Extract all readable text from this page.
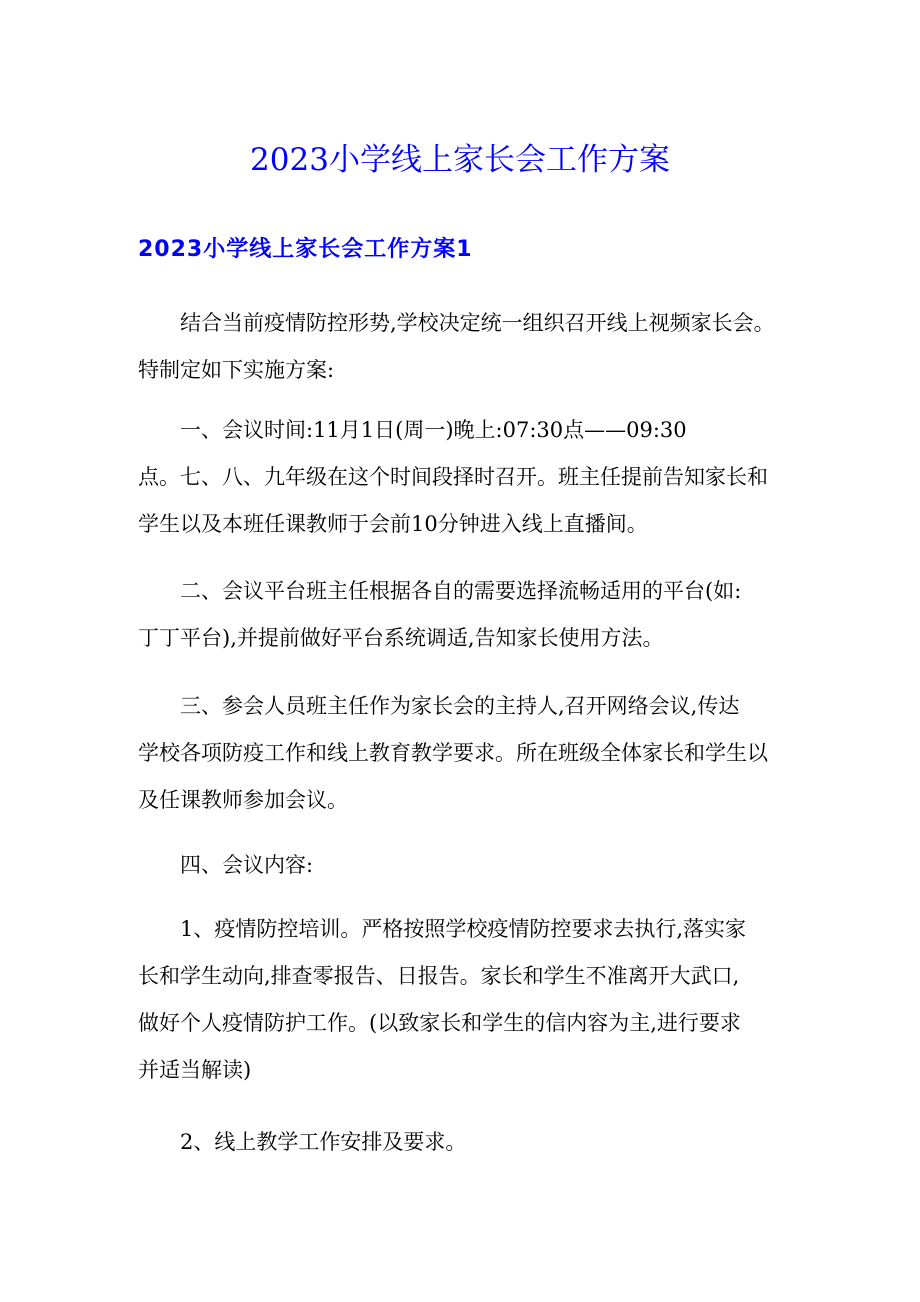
2023小学线上家长会工作方案
2023小学线上家长会工作方案1
结合当前疫情防控形势,学校决定统一组织召开线上视频家长会。
特制定如下实施方案:
一、会议时间:11月1日(周一)晚上:07:30点——09:30
点。七、八、九年级在这个时间段择时召开。班主任提前告知家长和
学生以及本班任课教师于会前10分钟进入线上直播间。
二、会议平台班主任根据各自的需要选择流畅适用的平台(如:
丁丁平台),并提前做好平台系统调适,告知家长使用方法。
三、参会人员班主任作为家长会的主持人,召开网络会议,传达
学校各项防疫工作和线上教育教学要求。所在班级全体家长和学生以
及任课教师参加会议。
四、会议内容:
1、疫情防控培训。严格按照学校疫情防控要求去执行,落实家
长和学生动向,排查零报告、日报告。家长和学生不准离开大武口,
做好个人疫情防护工作。(以致家长和学生的信内容为主,进行要求
并适当解读)
2、线上教学工作安排及要求。
